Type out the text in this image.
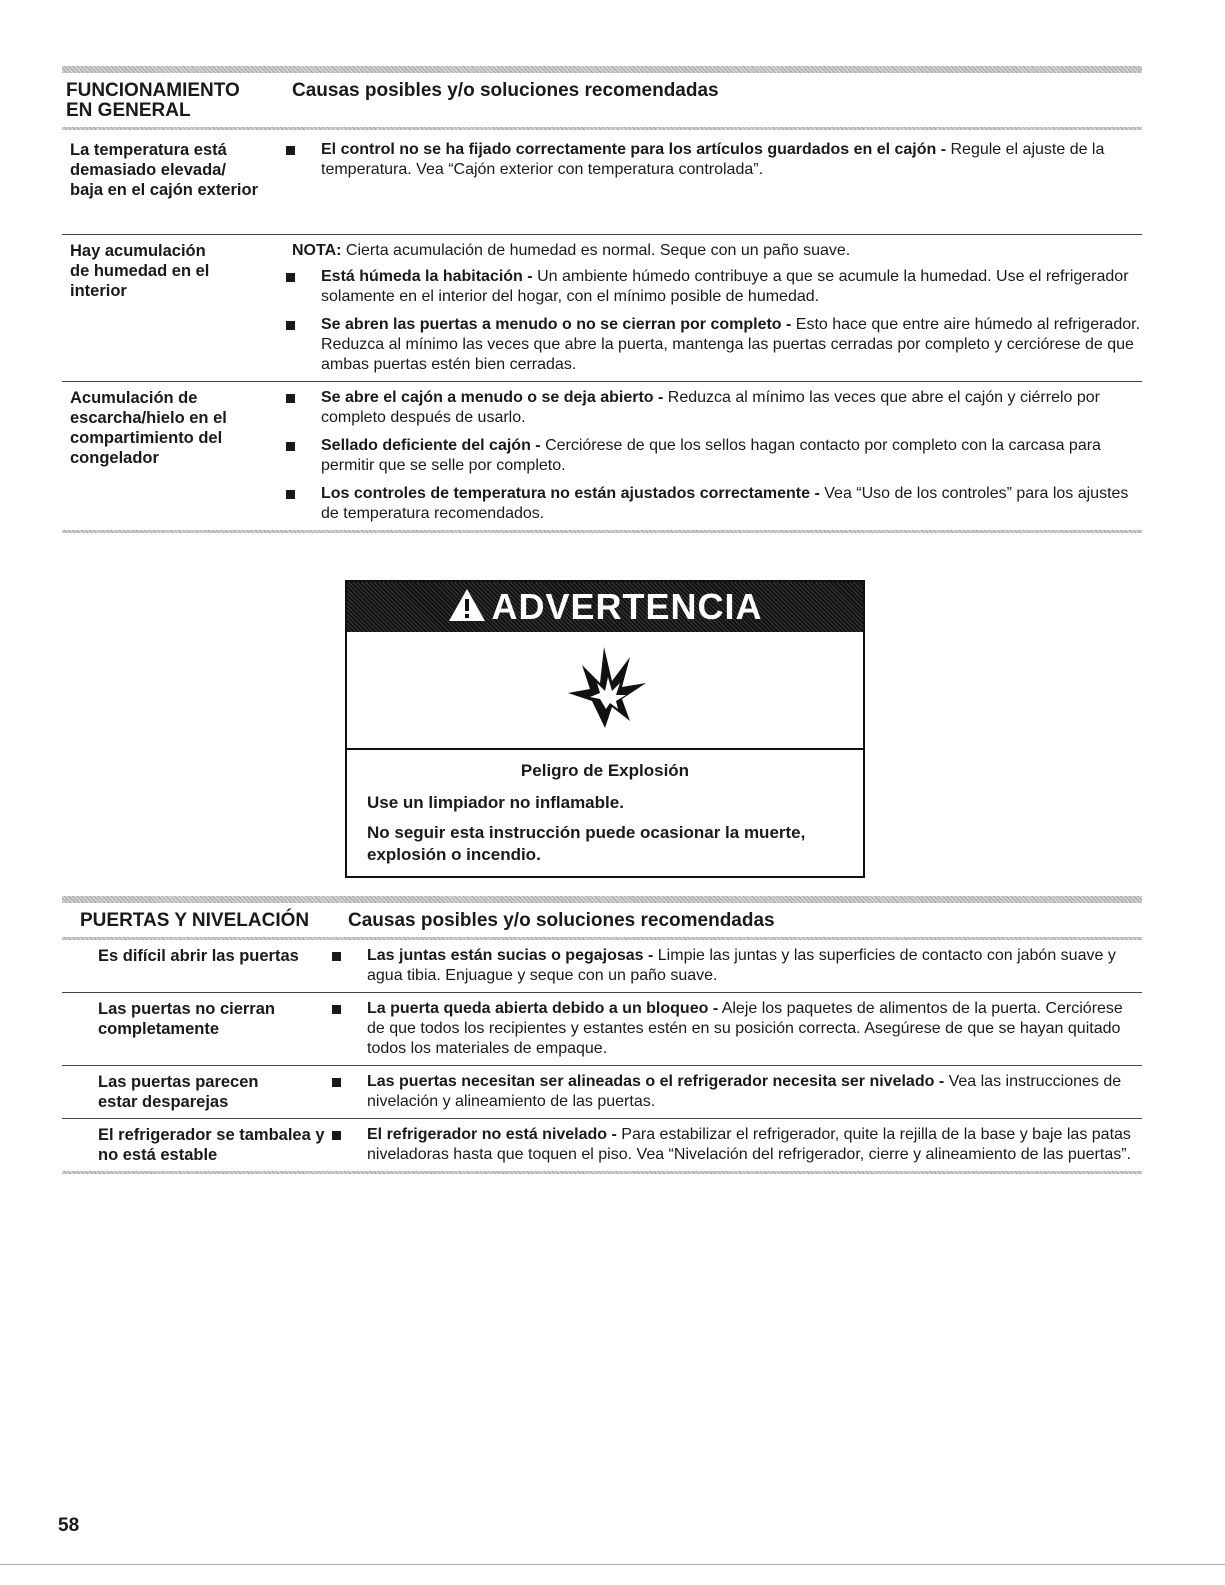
FUNCIONAMIENTO EN GENERAL
Causas posibles y/o soluciones recomendadas
La temperatura está demasiado elevada/ baja en el cajón exterior
El control no se ha fijado correctamente para los artículos guardados en el cajón - Regule el ajuste de la temperatura. Vea “Cajón exterior con temperatura controlada”.
Hay acumulación de humedad en el interior
NOTA: Cierta acumulación de humedad es normal. Seque con un paño suave.
Está húmeda la habitación - Un ambiente húmedo contribuye a que se acumule la humedad. Use el refrigerador solamente en el interior del hogar, con el mínimo posible de humedad.
Se abren las puertas a menudo o no se cierran por completo - Esto hace que entre aire húmedo al refrigerador. Reduzca al mínimo las veces que abre la puerta, mantenga las puertas cerradas por completo y cerciórese de que ambas puertas estén bien cerradas.
Acumulación de escarcha/hielo en el compartimiento del congelador
Se abre el cajón a menudo o se deja abierto - Reduzca al mínimo las veces que abre el cajón y ciérrelo por completo después de usarlo.
Sellado deficiente del cajón - Cerciórese de que los sellos hagan contacto por completo con la carcasa para permitir que se selle por completo.
Los controles de temperatura no están ajustados correctamente - Vea “Uso de los controles” para los ajustes de temperatura recomendados.
ADVERTENCIA
Peligro de Explosión
Use un limpiador no inflamable.
No seguir esta instrucción puede ocasionar la muerte, explosión o incendio.
PUERTAS Y NIVELACIÓN	Causas posibles y/o soluciones recomendadas
Es difícil abrir las puertas	Las juntas están sucias o pegajosas - Limpie las juntas y las superficies de contacto con jabón suave y agua tibia. Enjuague y seque con un paño suave.
Las puertas no cierran completamente
La puerta queda abierta debido a un bloqueo - Aleje los paquetes de alimentos de la puerta. Cerciórese de que todos los recipientes y estantes estén en su posición correcta. Asegúrese de que se hayan quitado todos los materiales de empaque.
Las puertas parecen estar desparejas
Las puertas necesitan ser alineadas o el refrigerador necesita ser nivelado - Vea las instrucciones de nivelación y alineamiento de las puertas.
El refrigerador se tambalea y no está estable
El refrigerador no está nivelado - Para estabilizar el refrigerador, quite la rejilla de la base y baje las patas niveladoras hasta que toquen el piso. Vea “Nivelación del refrigerador, cierre y alineamiento de las puertas”.
58
